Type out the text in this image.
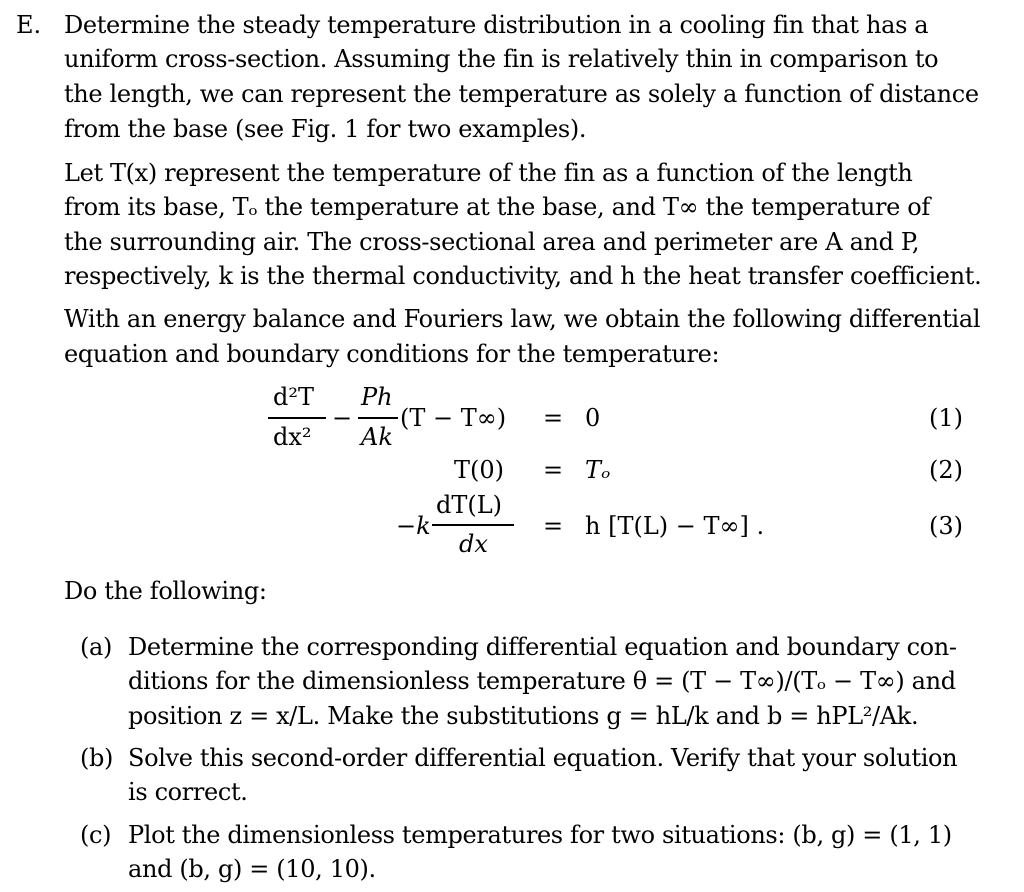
E. Determine the steady temperature distribution in a cooling fin that has a
uniform cross-section. Assuming the fin is relatively thin in comparison to
the length, we can represent the temperature as solely a function of distance
from the base (see Fig. 1 for two examples).
Let T(x) represent the temperature of the fin as a function of the length
from its base, Tₒ the temperature at the base, and T∞ the temperature of
the surrounding air. The cross-sectional area and perimeter are A and P,
respectively, k is the thermal conductivity, and h the heat transfer coefficient.
With an energy balance and Fouriers law, we obtain the following differential
equation and boundary conditions for the temperature:
d²T
dx²
−
Ph
Ak
(T − T∞) = 0	(1)
T(0) = Tₒ	(2)
−k
dT(L)
dx
= h [T(L) − T∞] .	(3)
Do the following:
(a) Determine the corresponding differential equation and boundary con-
ditions for the dimensionless temperature θ = (T − T∞)/(Tₒ − T∞) and
position z = x/L. Make the substitutions g = hL/k and b = hPL²/Ak.
(b) Solve this second-order differential equation. Verify that your solution
is correct.
(c) Plot the dimensionless temperatures for two situations: (b, g) = (1, 1)
and (b, g) = (10, 10).
